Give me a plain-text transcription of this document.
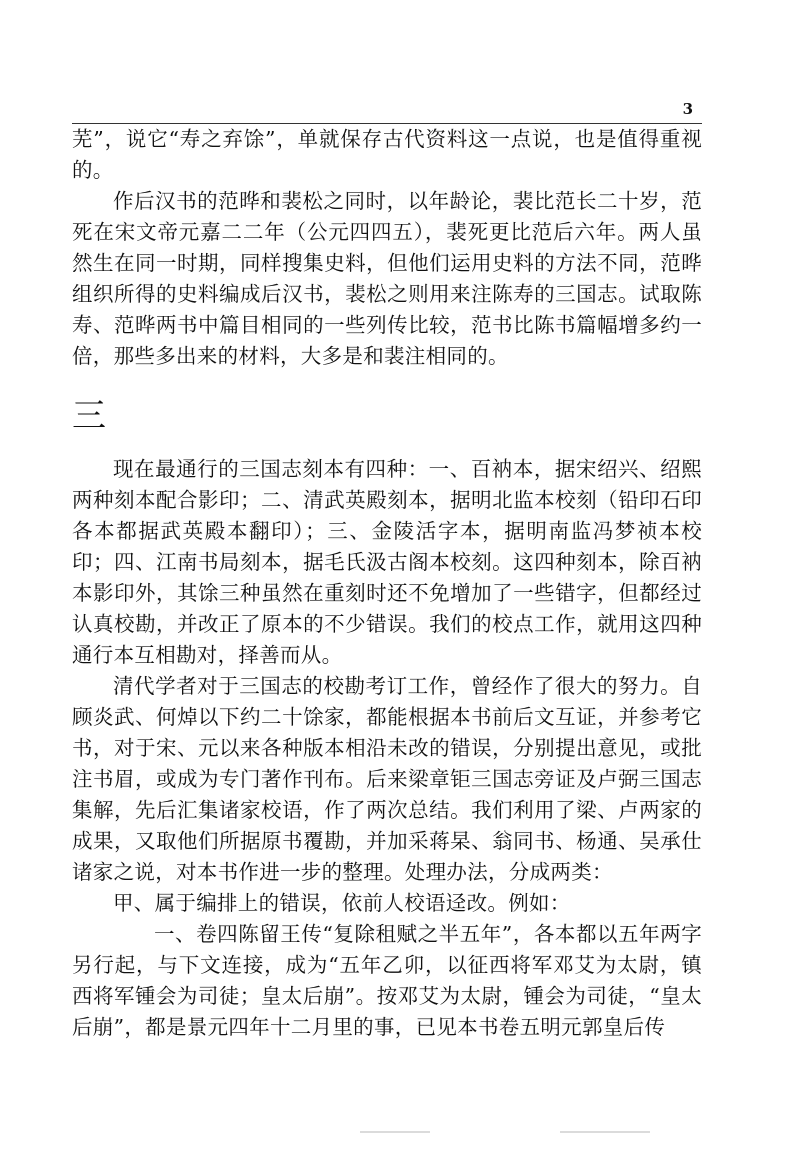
3

芜”，说它“寿之弃馀”，单就保存古代资料这一点说，也是值得重视的。

作后汉书的范晔和裴松之同时，以年龄论，裴比范长二十岁，范死在宋文帝元嘉二二年（公元四四五），裴死更比范后六年。两人虽然生在同一时期，同样搜集史料，但他们运用史料的方法不同，范晔组织所得的史料编成后汉书，裴松之则用来注陈寿的三国志。试取陈寿、范晔两书中篇目相同的一些列传比较，范书比陈书篇幅增多约一倍，那些多出来的材料，大多是和裴注相同的。

三

现在最通行的三国志刻本有四种：一、百衲本，据宋绍兴、绍熙两种刻本配合影印；二、清武英殿刻本，据明北监本校刻（铅印石印各本都据武英殿本翻印）；三、金陵活字本，据明南监冯梦祯本校印；四、江南书局刻本，据毛氏汲古阁本校刻。这四种刻本，除百衲本影印外，其馀三种虽然在重刻时还不免增加了一些错字，但都经过认真校勘，并改正了原本的不少错误。我们的校点工作，就用这四种通行本互相勘对，择善而从。

清代学者对于三国志的校勘考订工作，曾经作了很大的努力。自顾炎武、何焯以下约二十馀家，都能根据本书前后文互证，并参考它书，对于宋、元以来各种版本相沿未改的错误，分别提出意见，或批注书眉，或成为专门著作刊布。后来梁章钜三国志旁证及卢弼三国志集解，先后汇集诸家校语，作了两次总结。我们利用了梁、卢两家的成果，又取他们所据原书覆勘，并加采蒋杲、翁同书、杨通、吴承仕诸家之说，对本书作进一步的整理。处理办法，分成两类：

甲、属于编排上的错误，依前人校语迳改。例如：

一、卷四陈留王传“复除租赋之半五年”，各本都以五年两字另行起，与下文连接，成为“五年乙卯，以征西将军邓艾为太尉，镇西将军锺会为司徒；皇太后崩”。按邓艾为太尉，锺会为司徒，“皇太后崩”，都是景元四年十二月里的事，已见本书卷五明元郭皇后传
